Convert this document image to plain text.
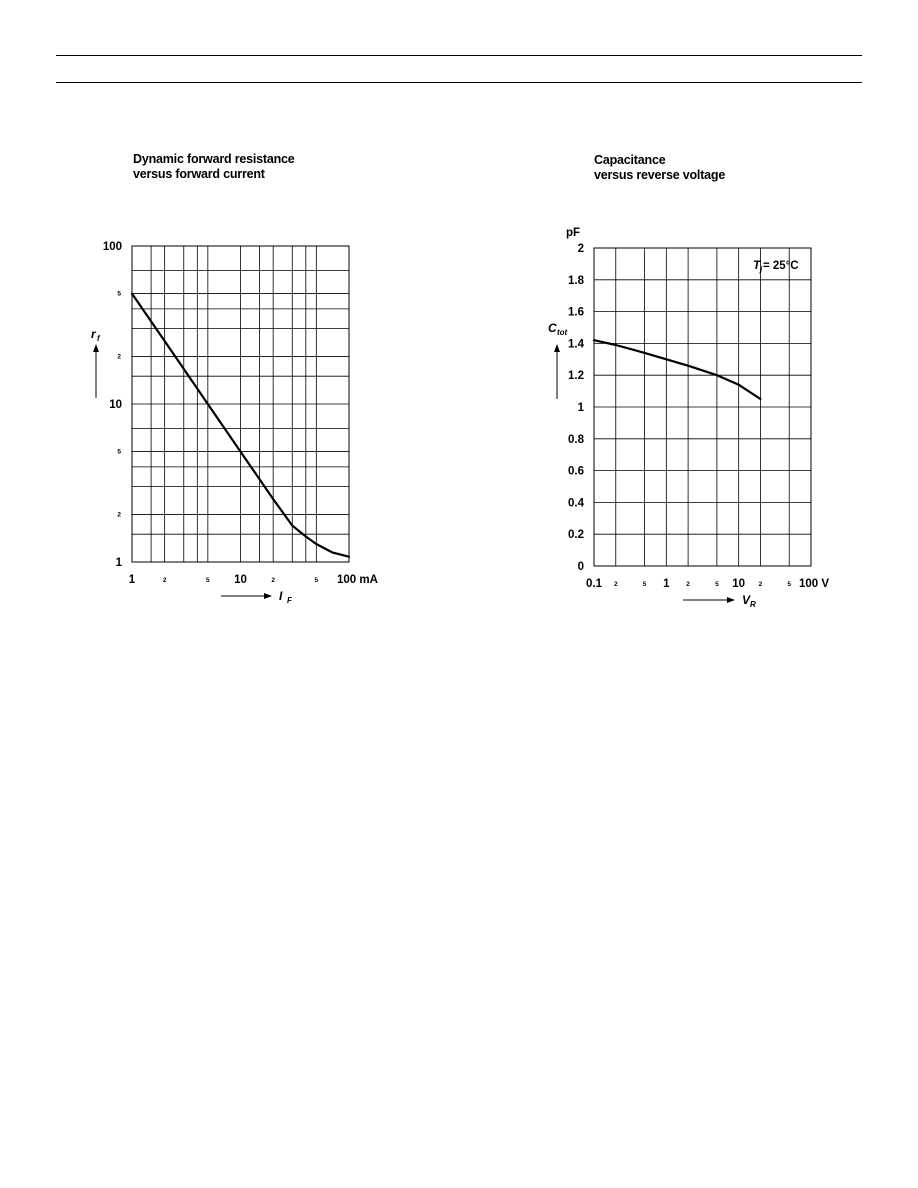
Dynamic forward resistance
versus forward current
Capacitance
versus reverse voltage
1	2	5 10	2	5 100 mA
1
2
5
10
2
5
100
I F
r f
0.1 2	5 1	2	5 10 2	5 100 V
0
0.2
0.4
0.6
0.8
1
1.2
1.4
1.6
1.8
2
V R
C tot
pF
T j = 25°C
